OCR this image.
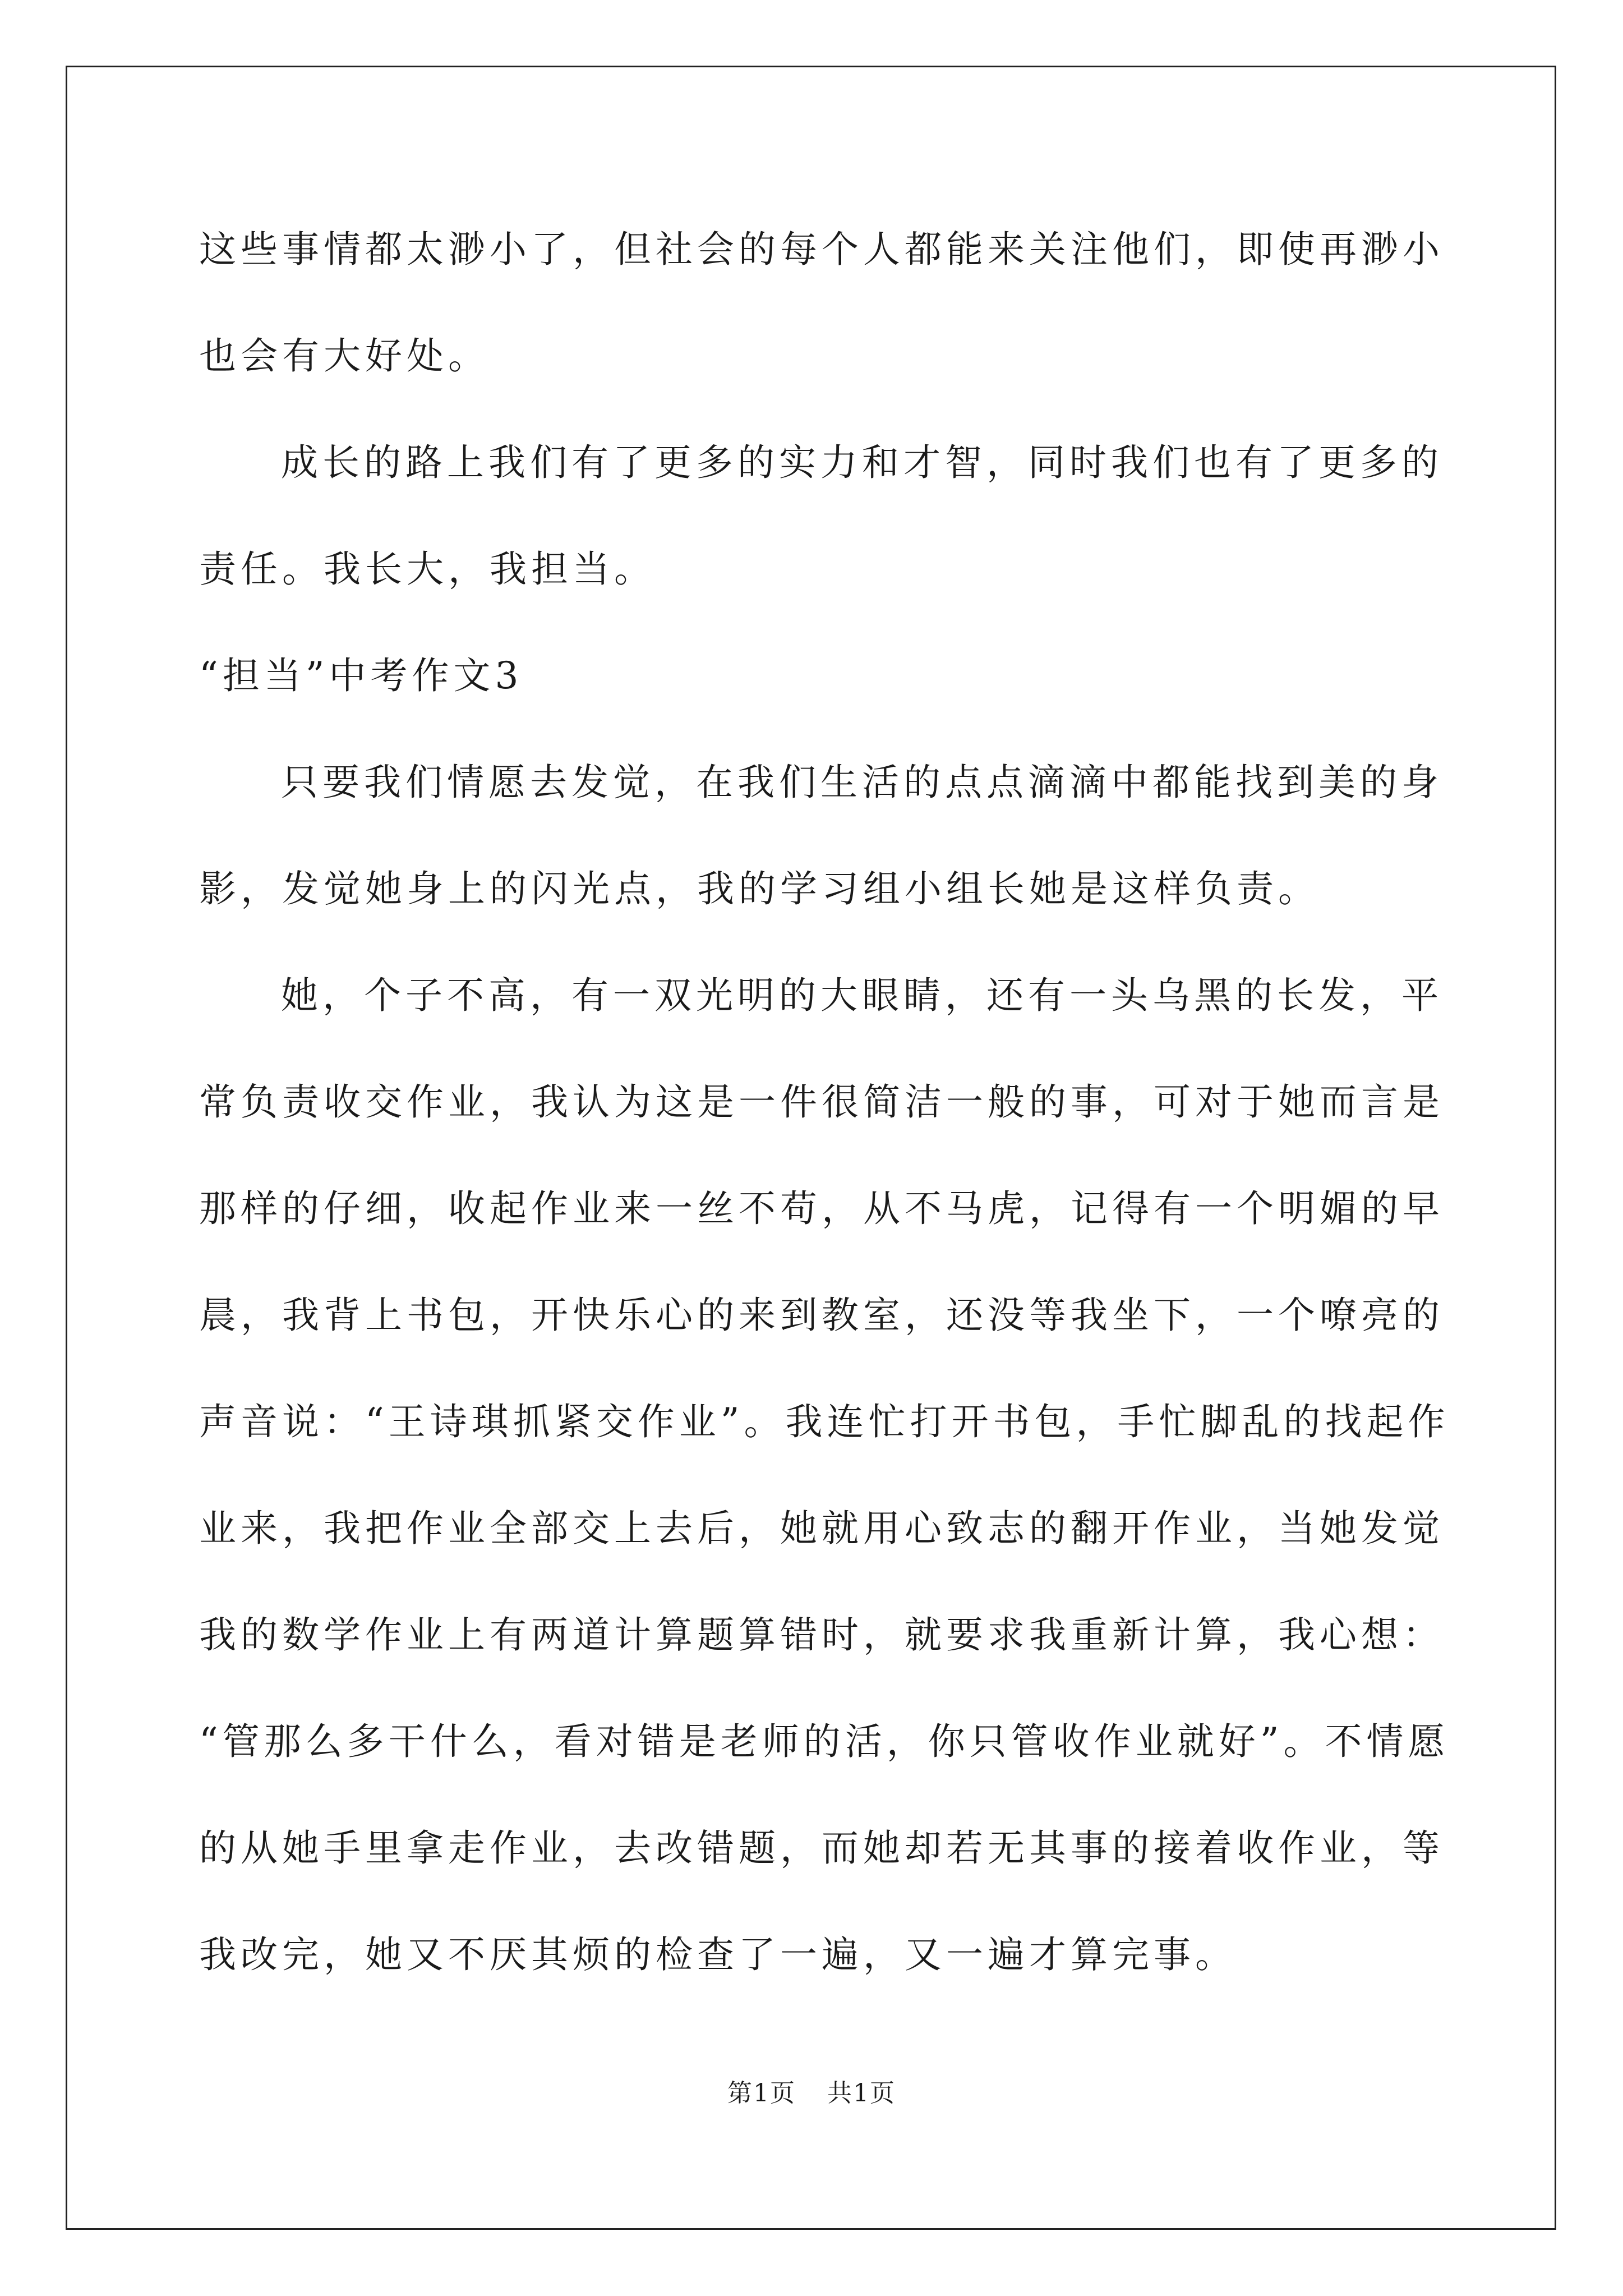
这些事情都太渺小了，但社会的每个人都能来关注他们，即使再渺小
也会有大好处。
成长的路上我们有了更多的实力和才智，同时我们也有了更多的
责任。我长大，我担当。
“担当”中考作文3
只要我们情愿去发觉，在我们生活的点点滴滴中都能找到美的身
影，发觉她身上的闪光点，我的学习组小组长她是这样负责。
她，个子不高，有一双光明的大眼睛，还有一头乌黑的长发，平
常负责收交作业，我认为这是一件很简洁一般的事，可对于她而言是
那样的仔细，收起作业来一丝不苟，从不马虎，记得有一个明媚的早
晨，我背上书包，开快乐心的来到教室，还没等我坐下，一个嘹亮的
声音说：“王诗琪抓紧交作业”。我连忙打开书包，手忙脚乱的找起作
业来，我把作业全部交上去后，她就用心致志的翻开作业，当她发觉
我的数学作业上有两道计算题算错时，就要求我重新计算，我心想：
“管那么多干什么，看对错是老师的活，你只管收作业就好”。不情愿
的从她手里拿走作业，去改错题，而她却若无其事的接着收作业，等
我改完，她又不厌其烦的检查了一遍，又一遍才算完事。
第1页 共1页
